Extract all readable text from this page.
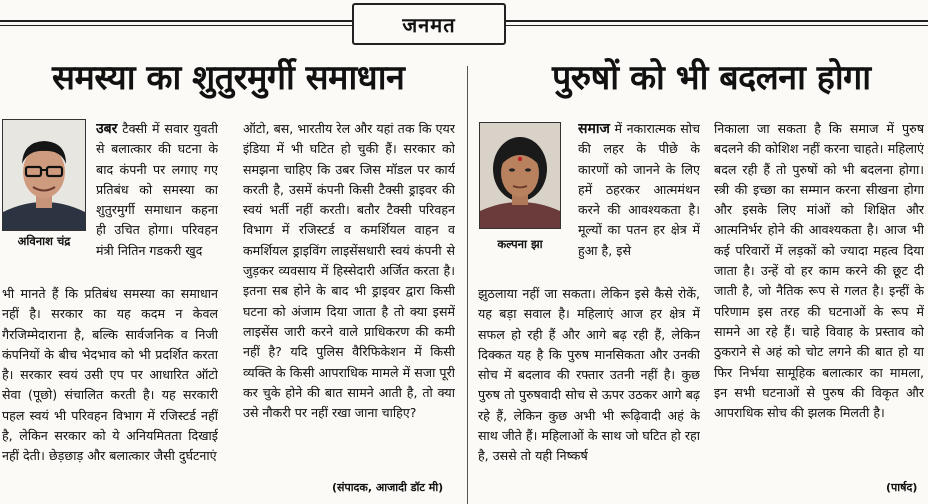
जनमत
समस्या का शुतुरमुर्गी समाधान
अविनाश चंद्र

उबर टैक्सी में सवार युवती से बलात्कार की घटना के बाद कंपनी पर लगाए गए प्रतिबंध को समस्या का शुतुरमुर्गी समाधान कहना ही उचित होगा। परिवहन मंत्री नितिन गडकरी खुद

भी मानते हैं कि प्रतिबंध समस्या का समाधान नहीं है। सरकार का यह कदम न केवल गैरजिम्मेदाराना है, बल्कि सार्वजनिक व निजी कंपनियों के बीच भेदभाव को भी प्रदर्शित करता है। सरकार स्वयं उसी एप पर आधारित ऑटो सेवा (पूछो) संचालित करती है। यह सरकारी पहल स्वयं भी परिवहन विभाग में रजिस्टर्ड नहीं है, लेकिन सरकार को ये अनियमितता दिखाई नहीं देती। छेड़छाड़ और बलात्कार जैसी दुर्घटनाएं

ऑटो, बस, भारतीय रेल और यहां तक कि एयर इंडिया में भी घटित हो चुकी हैं। सरकार को समझना चाहिए कि उबर जिस मॉडल पर कार्य करती है, उसमें कंपनी किसी टैक्सी ड्राइवर की स्वयं भर्ती नहीं करती। बतौर टैक्सी परिवहन विभाग में रजिस्टर्ड व कमर्शियल वाहन व कमर्शियल ड्राइविंग लाइसेंसधारी स्वयं कंपनी से जुड़कर व्यवसाय में हिस्सेदारी अर्जित करता है। इतना सब होने के बाद भी ड्राइवर द्वारा किसी घटना को अंजाम दिया जाता है तो क्या इसमें लाइसेंस जारी करने वाले प्राधिकरण की कमी नहीं है? यदि पुलिस वैरिफिकेशन में किसी व्यक्ति के किसी आपराधिक मामले में सजा पूरी कर चुके होने की बात सामने आती है, तो क्या उसे नौकरी पर नहीं रखा जाना चाहिए?

(संपादक, आजादी डॉट मी)
पुरुषों को भी बदलना होगा
कल्पना झा

समाज में नकारात्मक सोच की लहर के पीछे के कारणों को जानने के लिए हमें ठहरकर आत्ममंथन करने की आवश्यकता है। मूल्यों का पतन हर क्षेत्र में हुआ है, इसे

झुठलाया नहीं जा सकता। लेकिन इसे कैसे रोकें, यह बड़ा सवाल है। महिलाएं आज हर क्षेत्र में सफल हो रही हैं और आगे बढ़ रही हैं, लेकिन दिक्कत यह है कि पुरुष मानसिकता और उनकी सोच में बदलाव की रफ्तार उतनी नहीं है। कुछ पुरुष तो पुरुषवादी सोच से ऊपर उठकर आगे बढ़ रहे हैं, लेकिन कुछ अभी भी रूढ़िवादी अहं के साथ जीते हैं। महिलाओं के साथ जो घटित हो रहा है, उससे तो यही निष्कर्ष

निकाला जा सकता है कि समाज में पुरुष बदलने की कोशिश नहीं करना चाहते। महिलाएं बदल रही हैं तो पुरुषों को भी बदलना होगा। स्त्री की इच्छा का सम्मान करना सीखना होगा और इसके लिए मांओं को शिक्षित और आत्मनिर्भर होने की आवश्यकता है। आज भी कई परिवारों में लड़कों को ज्यादा महत्व दिया जाता है। उन्हें वो हर काम करने की छूट दी जाती है, जो नैतिक रूप से गलत है। इन्हीं के परिणाम इस तरह की घटनाओं के रूप में सामने आ रहे हैं। चाहे विवाह के प्रस्ताव को ठुकराने से अहं को चोट लगने की बात हो या फिर निर्भया सामूहिक बलात्कार का मामला, इन सभी घटनाओं से पुरुष की विकृत और आपराधिक सोच की झलक मिलती है।

(पार्षद)
